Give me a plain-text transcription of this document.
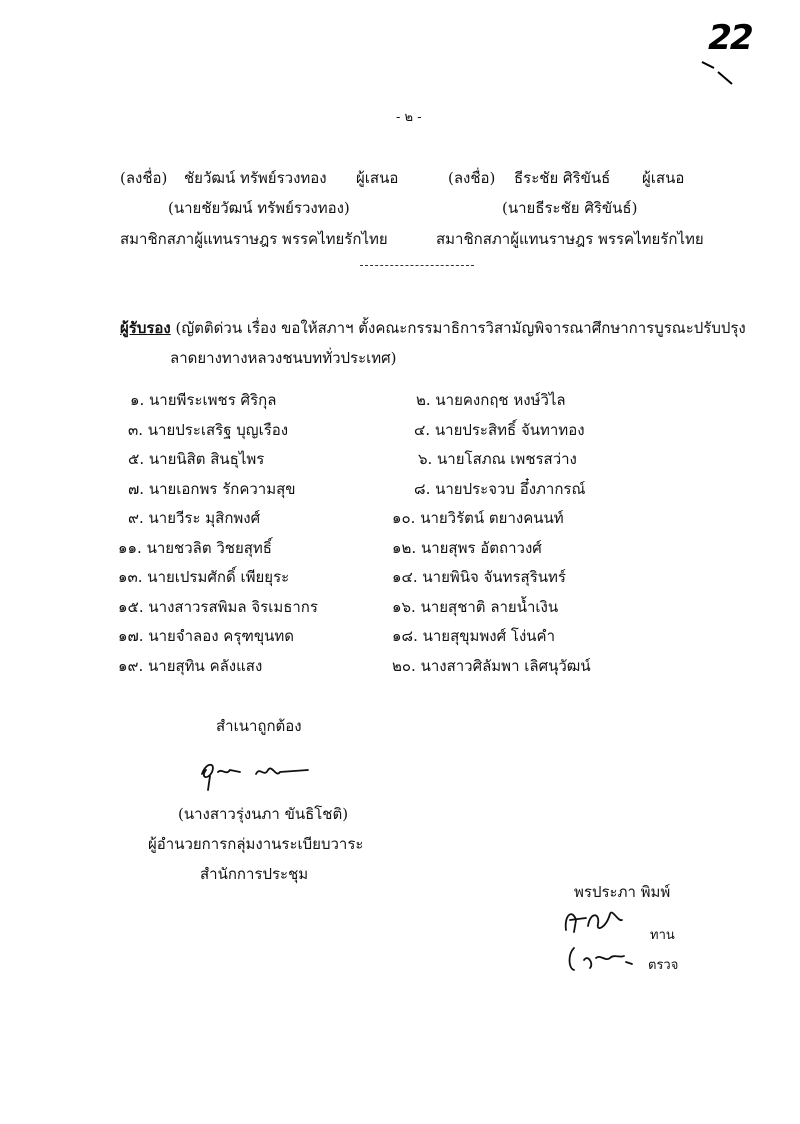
22
- ๒ -
(ลงชื่อ) ชัยวัฒน์ ทรัพย์รวงทอง ผู้เสนอ
(นายชัยวัฒน์ ทรัพย์รวงทอง)
สมาชิกสภาผู้แทนราษฎร พรรคไทยรักไทย
(ลงชื่อ) ธีระชัย ศิริขันธ์ ผู้เสนอ
(นายธีระชัย ศิริขันธ์)
สมาชิกสภาผู้แทนราษฎร พรรคไทยรักไทย
ผู้รับรอง (ญัตติด่วน เรื่อง ขอให้สภาฯ ตั้งคณะกรรมาธิการวิสามัญพิจารณาศึกษาการบูรณะปรับปรุง
ลาดยางทางหลวงชนบททั่วประเทศ)
๑. นายพีระเพชร ศิริกุล
๓. นายประเสริฐ บุญเรือง
๕. นายนิสิต สินธุไพร
๗. นายเอกพร รักความสุข
๙. นายวีระ มุสิกพงศ์
๑๑. นายชวลิต วิชยสุทธิ์
๑๓. นายเปรมศักดิ์ เพียยุระ
๑๕. นางสาวรสพิมล จิรเมธากร
๑๗. นายจำลอง ครุฑขุนทด
๑๙. นายสุทิน คลังแสง
๒. นายคงกฤช หงษ์วิไล
๔. นายประสิทธิ์ จันทาทอง
๖. นายโสภณ เพชรสว่าง
๘. นายประจวบ อึ๋งภากรณ์
๑๐. นายวิรัตน์ ตยางคนนท์
๑๒. นายสุพร อัตถาวงศ์
๑๔. นายพินิจ จันทรสุรินทร์
๑๖. นายสุชาติ ลายน้ำเงิน
๑๘. นายสุขุมพงศ์ โง่นคำ
๒๐. นางสาวศิลัมพา เลิศนุวัฒน์
สำเนาถูกต้อง
(นางสาวรุ่งนภา ขันธิโชติ)
ผู้อำนวยการกลุ่มงานระเบียบวาระ
สำนักการประชุม
พรประภา พิมพ์
ทาน
ตรวจ
